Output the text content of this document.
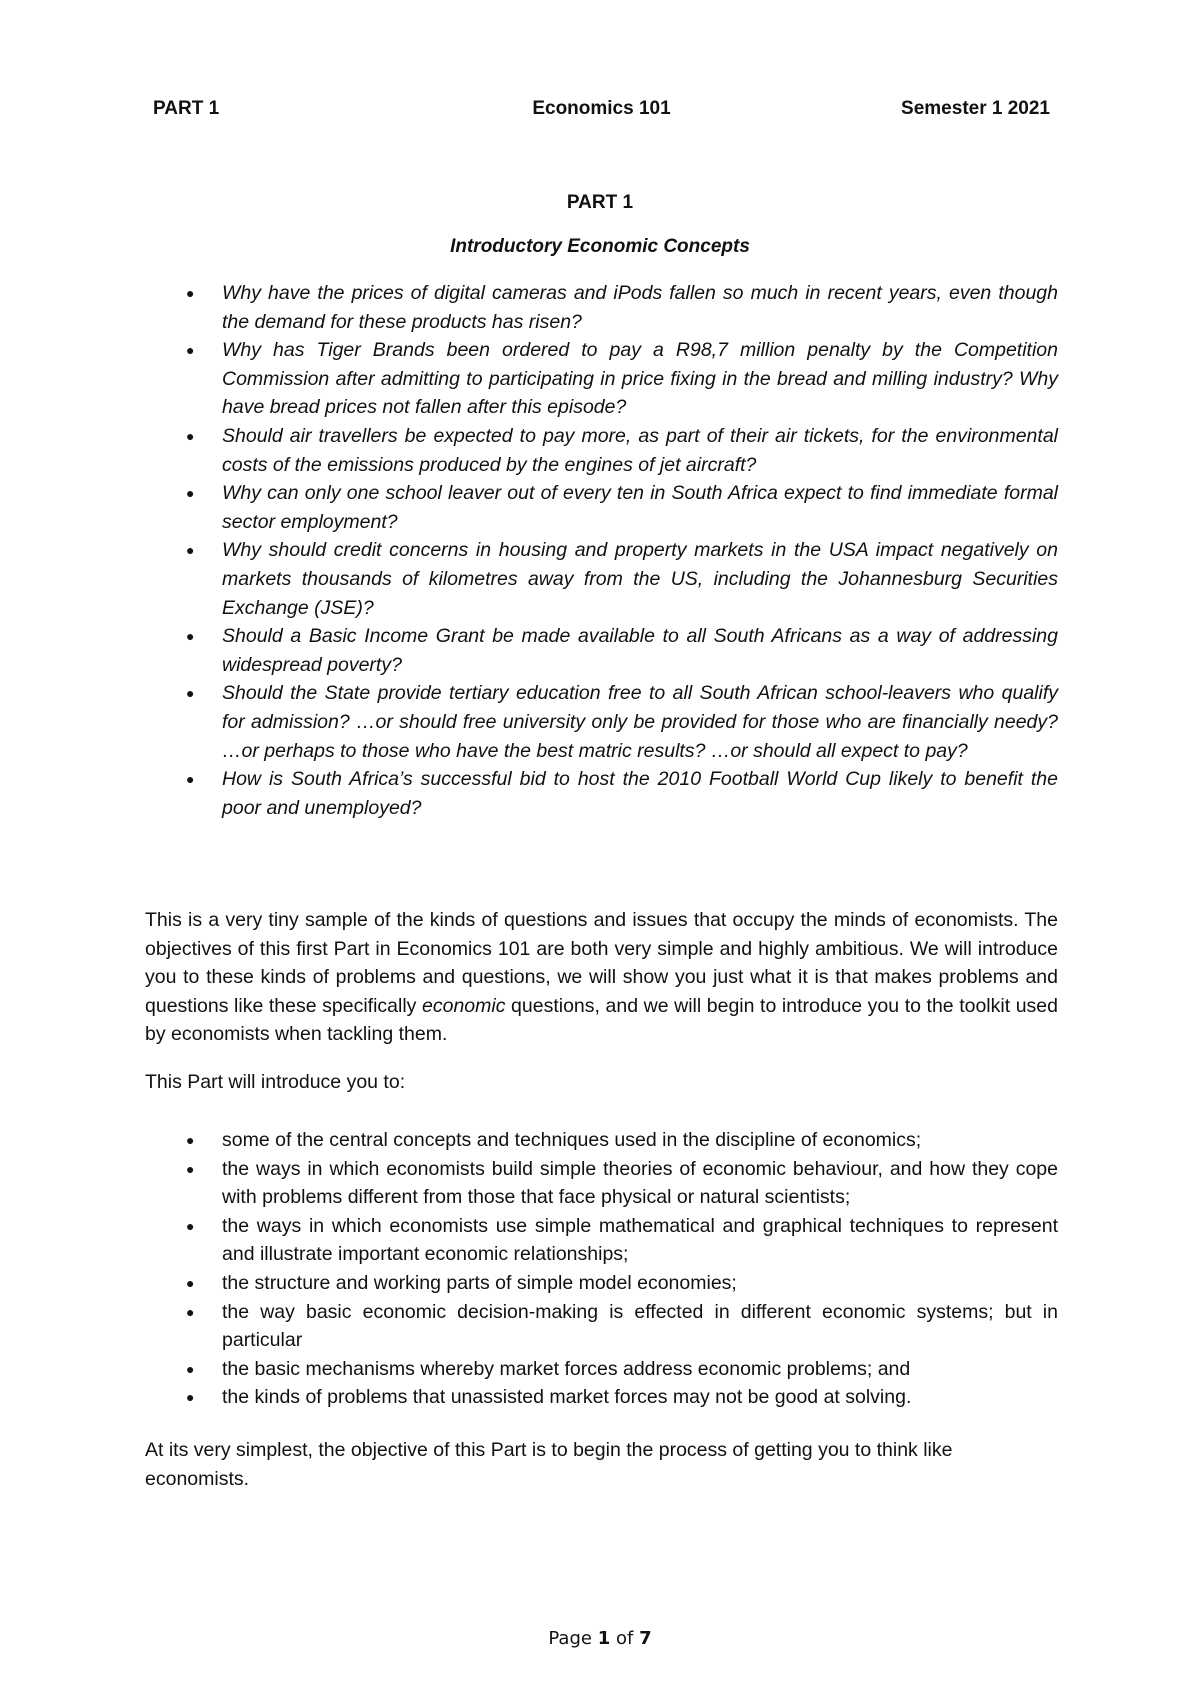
PART 1	Economics 101	Semester 1 2021
PART 1
Introductory Economic Concepts
● Why have the prices of digital cameras and iPods fallen so much in recent years, even though the demand for these products has risen?
● Why has Tiger Brands been ordered to pay a R98,7 million penalty by the Competition Commission after admitting to participating in price fixing in the bread and milling industry? Why have bread prices not fallen after this episode?
● Should air travellers be expected to pay more, as part of their air tickets, for the environmental costs of the emissions produced by the engines of jet aircraft?
● Why can only one school leaver out of every ten in South Africa expect to find immediate formal sector employment?
● Why should credit concerns in housing and property markets in the USA impact negatively on markets thousands of kilometres away from the US, including the Johannesburg Securities Exchange (JSE)?
● Should a Basic Income Grant be made available to all South Africans as a way of addressing widespread poverty?
● Should the State provide tertiary education free to all South African school-leavers who qualify for admission? …or should free university only be provided for those who are financially needy? …or perhaps to those who have the best matric results? …or should all expect to pay?
● How is South Africa’s successful bid to host the 2010 Football World Cup likely to benefit the poor and unemployed?

This is a very tiny sample of the kinds of questions and issues that occupy the minds of economists. The objectives of this first Part in Economics 101 are both very simple and highly ambitious. We will introduce you to these kinds of problems and questions, we will show you just what it is that makes problems and questions like these specifically economic questions, and we will begin to introduce you to the toolkit used by economists when tackling them.

This Part will introduce you to:

● some of the central concepts and techniques used in the discipline of economics;
● the ways in which economists build simple theories of economic behaviour, and how they cope with problems different from those that face physical or natural scientists;
● the ways in which economists use simple mathematical and graphical techniques to represent and illustrate important economic relationships;
● the structure and working parts of simple model economies;
● the way basic economic decision-making is effected in different economic systems; but in particular
● the basic mechanisms whereby market forces address economic problems; and
● the kinds of problems that unassisted market forces may not be good at solving.

At its very simplest, the objective of this Part is to begin the process of getting you to think like economists.

Page 1 of 7
